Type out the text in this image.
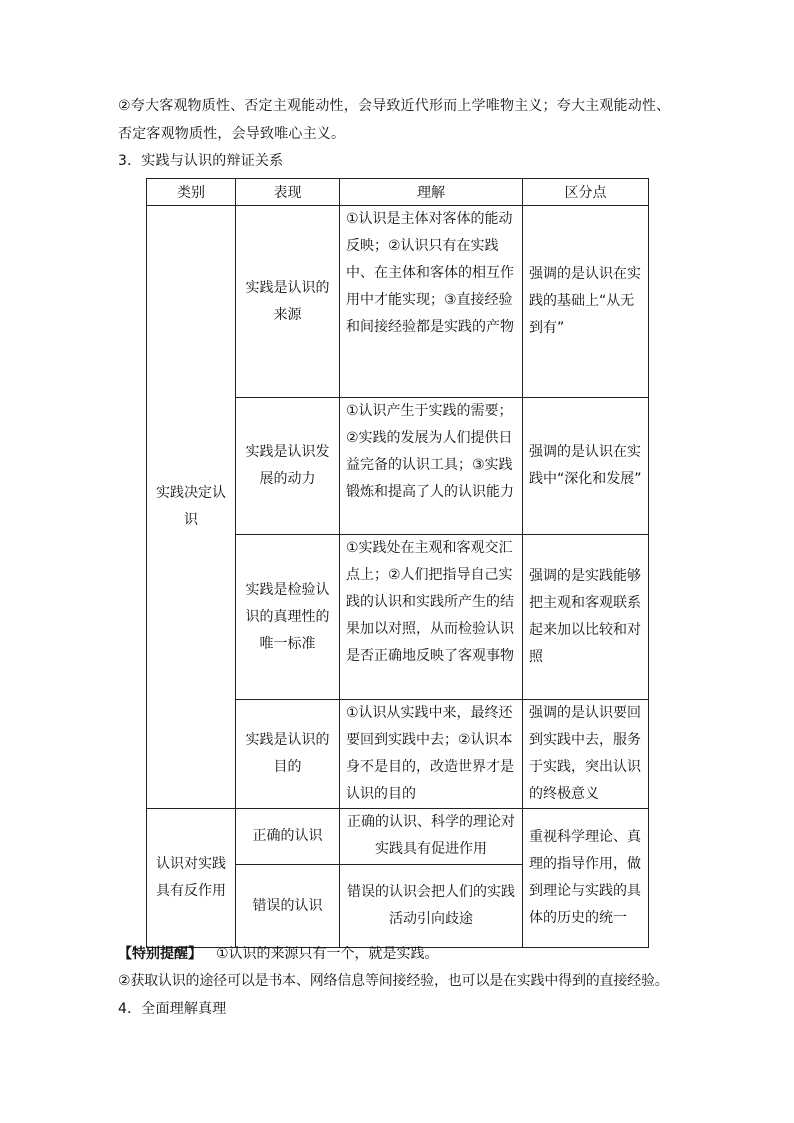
②夸大客观物质性、否定主观能动性，会导致近代形而上学唯物主义；夸大主观能动性、否定客观物质性，会导致唯心主义。
3．实践与认识的辩证关系
类别	表现	理解	区分点
实践决定认识	实践是认识的来源	①认识是主体对客体的能动反映；②认识只有在实践中、在主体和客体的相互作用中才能实现；③直接经验和间接经验都是实践的产物	强调的是认识在实践的基础上“从无到有”
	实践是认识发展的动力	①认识产生于实践的需要；②实践的发展为人们提供日益完备的认识工具；③实践锻炼和提高了人的认识能力	强调的是认识在实践中“深化和发展”
	实践是检验认识的真理性的唯一标准	①实践处在主观和客观交汇点上；②人们把指导自己实践的认识和实践所产生的结果加以对照，从而检验认识是否正确地反映了客观事物	强调的是实践能够把主观和客观联系起来加以比较和对照
	实践是认识的目的	①认识从实践中来，最终还要回到实践中去；②认识本身不是目的，改造世界才是认识的目的	强调的是认识要回到实践中去，服务于实践，突出认识的终极意义
认识对实践具有反作用	正确的认识	正确的认识、科学的理论对实践具有促进作用	重视科学理论、真理的指导作用，做到理论与实践的具体的历史的统一
	错误的认识	错误的认识会把人们的实践活动引向歧途	
【特别提醒】 ①认识的来源只有一个，就是实践。
②获取认识的途径可以是书本、网络信息等间接经验，也可以是在实践中得到的直接经验。
4．全面理解真理
